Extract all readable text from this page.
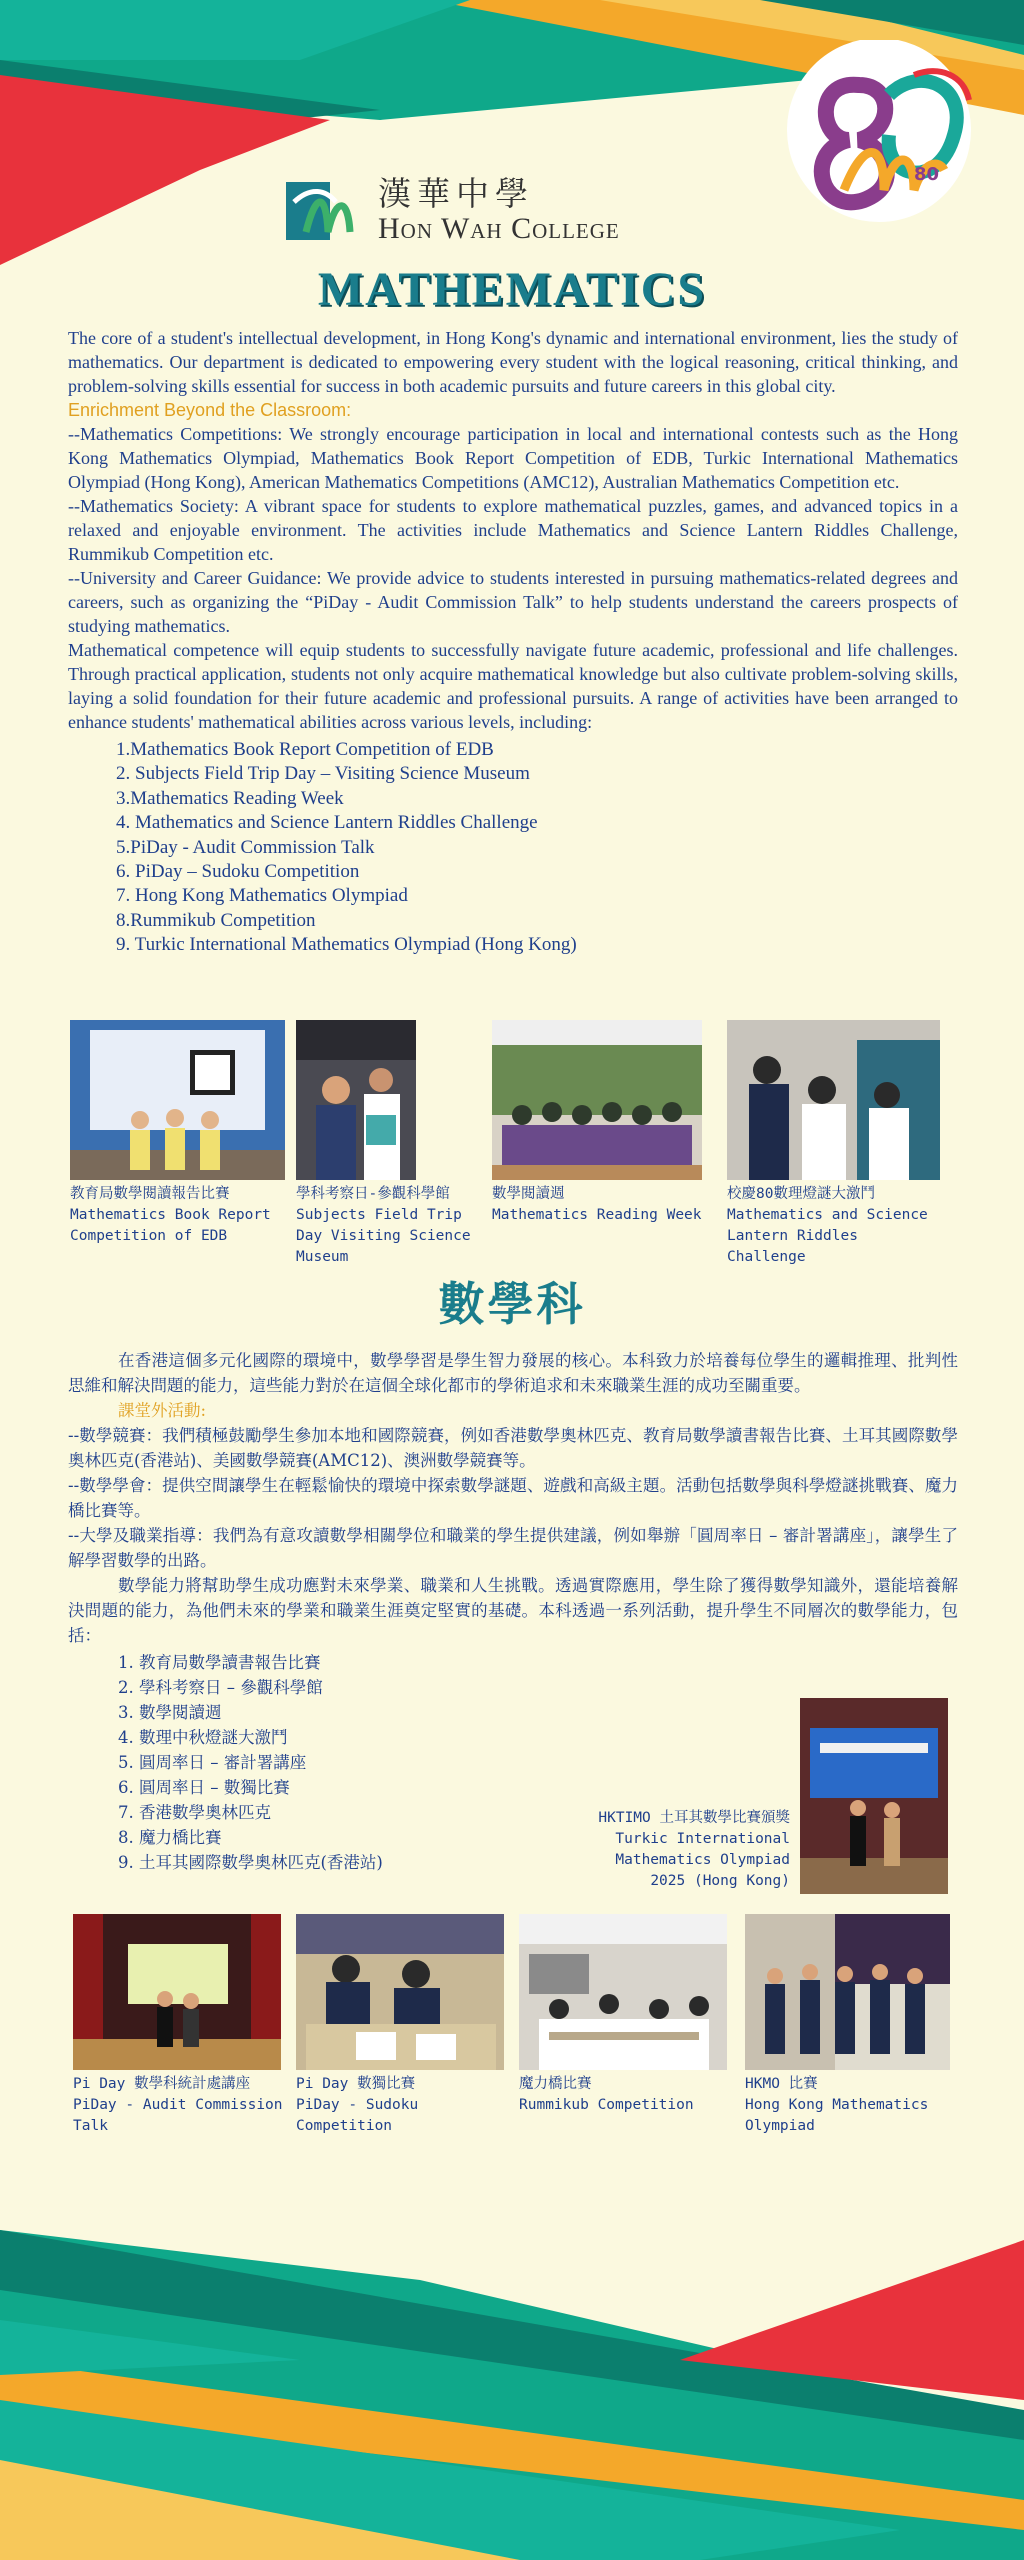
80
漢華中學
Hon Wah College
MATHEMATICS

The core of a student's intellectual development, in Hong Kong's dynamic and international environment, lies the study of mathematics. Our department is dedicated to empowering every student with the logical reasoning, critical thinking, and problem-solving skills essential for success in both academic pursuits and future careers in this global city.

Enrichment Beyond the Classroom:

--Mathematics Competitions: We strongly encourage participation in local and international contests such as the Hong Kong Mathematics Olympiad, Mathematics Book Report Competition of EDB, Turkic International Mathematics Olympiad (Hong Kong), American Mathematics Competitions (AMC12), Australian Mathematics Competition etc.

--Mathematics Society: A vibrant space for students to explore mathematical puzzles, games, and advanced topics in a relaxed and enjoyable environment. The activities include Mathematics and Science Lantern Riddles Challenge, Rummikub Competition etc.

--University and Career Guidance: We provide advice to students interested in pursuing mathematics-related degrees and careers, such as organizing the “PiDay - Audit Commission Talk” to help students understand the careers prospects of studying mathematics.

Mathematical competence will equip students to successfully navigate future academic, professional and life challenges. Through practical application, students not only acquire mathematical knowledge but also cultivate problem-solving skills, laying a solid foundation for their future academic and professional pursuits. A range of activities have been arranged to enhance students' mathematical abilities across various levels, including:

1.Mathematics Book Report Competition of EDB
2. Subjects Field Trip Day – Visiting Science Museum
3.Mathematics Reading Week
4. Mathematics and Science Lantern Riddles Challenge
5.PiDay - Audit Commission Talk
6. PiDay – Sudoku Competition
7. Hong Kong Mathematics Olympiad
8.Rummikub Competition
9. Turkic International Mathematics Olympiad (Hong Kong)
教育局數學閱讀報告比賽
Mathematics Book Report Competition of EDB
學科考察日-參觀科學館
Subjects Field Trip Day Visiting Science Museum
數學閱讀週
Mathematics Reading Week
校慶80數理燈謎大激鬥
Mathematics and Science Lantern Riddles Challenge
數學科

在香港這個多元化國際的環境中，數學學習是學生智力發展的核心。本科致力於培養每位學生的邏輯推理、批判性思維和解決問題的能力，這些能力對於在這個全球化都市的學術追求和未來職業生涯的成功至關重要。

課堂外活動:

--數學競賽：我們積極鼓勵學生參加本地和國際競賽，例如香港數學奧林匹克、教育局數學讀書報告比賽、土耳其國際數學奧林匹克(香港站)、美國數學競賽(AMC12)、澳洲數學競賽等。

--數學學會：提供空間讓學生在輕鬆愉快的環境中探索數學謎題、遊戲和高級主題。活動包括數學與科學燈謎挑戰賽、魔力橋比賽等。

--大學及職業指導：我們為有意攻讀數學相關學位和職業的學生提供建議，例如舉辦「圓周率日 – 審計署講座」，讓學生了解學習數學的出路。

數學能力將幫助學生成功應對未來學業、職業和人生挑戰。透過實際應用，學生除了獲得數學知識外，還能培養解決問題的能力，為他們未來的學業和職業生涯奠定堅實的基礎。本科透過一系列活動，提升學生不同層次的數學能力，包括：

1. 教育局數學讀書報告比賽
2. 學科考察日 – 參觀科學館
3. 數學閱讀週
4. 數理中秋燈謎大激鬥
5. 圓周率日 – 審計署講座
6. 圓周率日 – 數獨比賽
7. 香港數學奧林匹克
8. 魔力橋比賽
9. 土耳其國際數學奧林匹克(香港站)
HKTIMO 土耳其數學比賽頒獎
Turkic International
Mathematics Olympiad
2025 (Hong Kong)
Pi Day 數學科統計處講座
PiDay - Audit Commission Talk
Pi Day 數獨比賽
PiDay - Sudoku Competition
魔力橋比賽
Rummikub Competition
HKMO 比賽
Hong Kong Mathematics Olympiad
